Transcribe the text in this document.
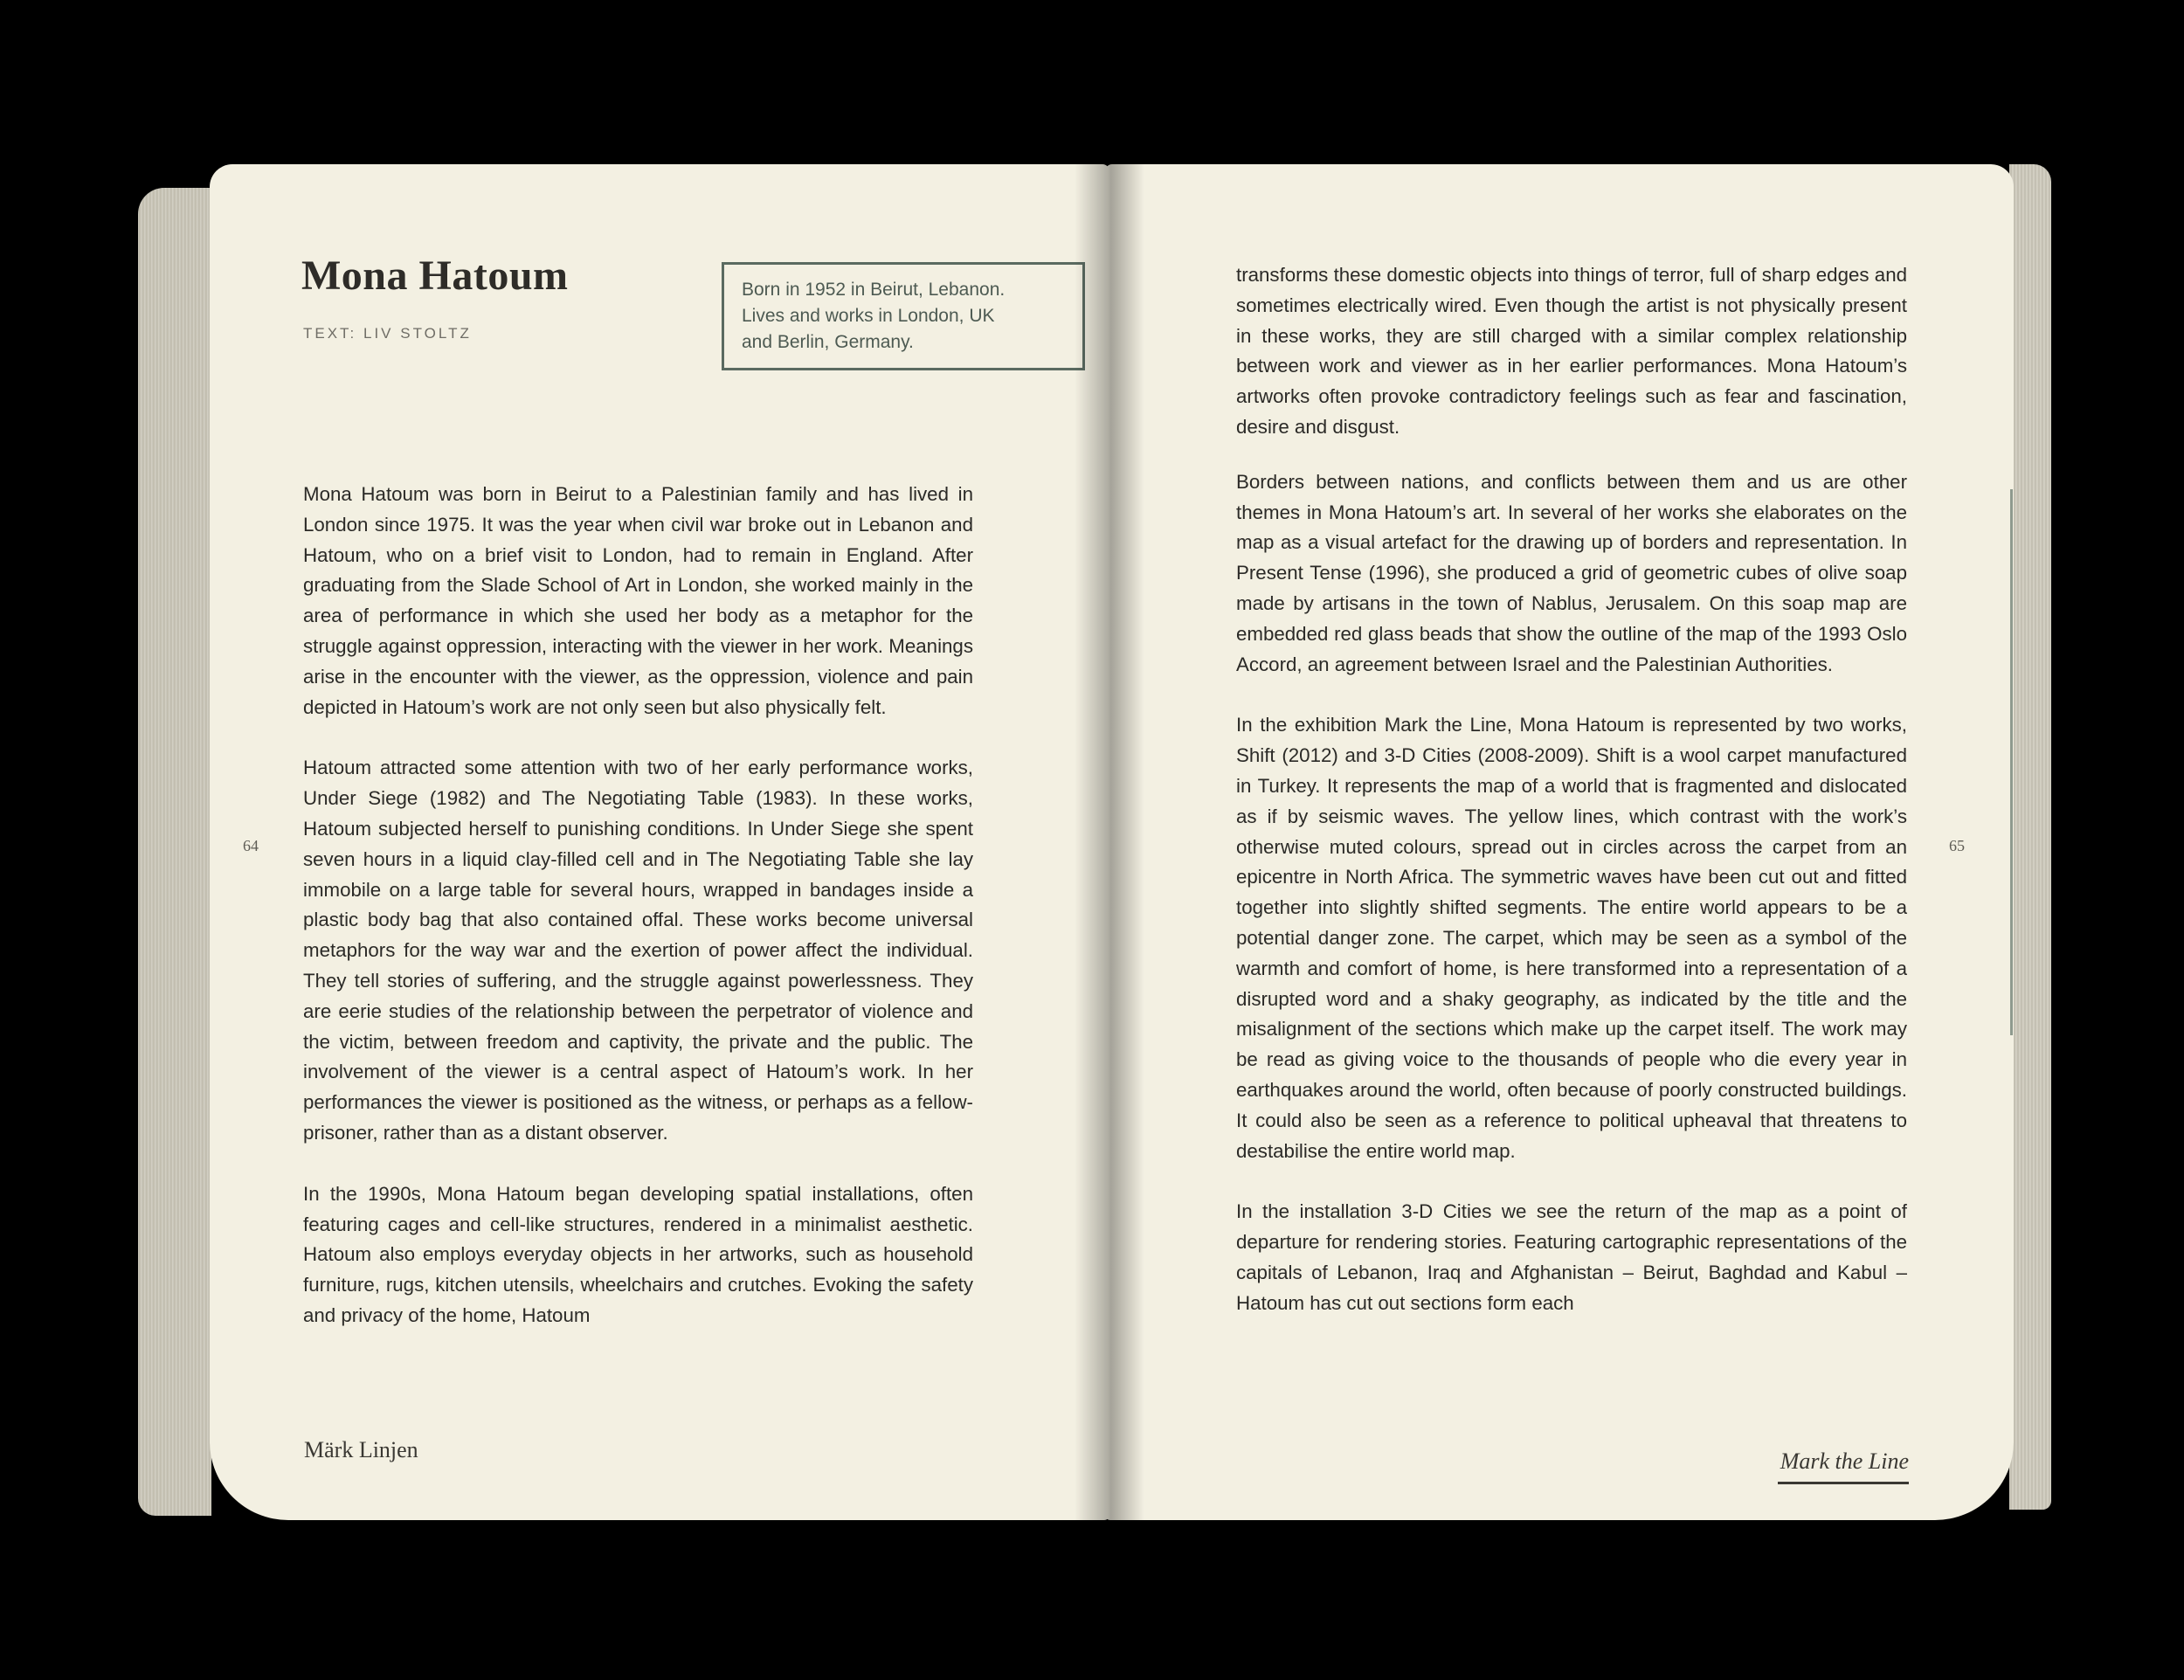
Mona Hatoum
TEXT: LIV STOLTZ
Born in 1952 in Beirut, Lebanon.
Lives and works in London, UK
and Berlin, Germany.

Mona Hatoum was born in Beirut to a Palestinian family and has lived in London since 1975. It was the year when civil war broke out in Lebanon and Hatoum, who on a brief visit to London, had to remain in England. After graduating from the Slade School of Art in London, she worked mainly in the area of performance in which she used her body as a metaphor for the struggle against oppression, interacting with the viewer in her work. Meanings arise in the encounter with the viewer, as the oppression, violence and pain depicted in Hatoum’s work are not only seen but also physically felt.

Hatoum attracted some attention with two of her early performance works, Under Siege (1982) and The Negotiating Table (1983). In these works, Hatoum subjected herself to punishing conditions. In Under Siege she spent seven hours in a liquid clay-filled cell and in The Negotiating Table she lay immobile on a large table for several hours, wrapped in bandages inside a plastic body bag that also contained offal. These works become universal metaphors for the way war and the exertion of power affect the individual. They tell stories of suffering, and the struggle against powerlessness. They are eerie studies of the relationship between the perpetrator of violence and the victim, between freedom and captivity, the private and the public. The involvement of the viewer is a central aspect of Hatoum’s work. In her performances the viewer is positioned as the witness, or perhaps as a fellow-prisoner, rather than as a distant observer.

In the 1990s, Mona Hatoum began developing spatial installations, often featuring cages and cell-like structures, rendered in a minimalist aesthetic. Hatoum also employs everyday objects in her artworks, such as household furniture, rugs, kitchen utensils, wheelchairs and crutches. Evoking the safety and privacy of the home, Hatoum

64
Märk Linjen

transforms these domestic objects into things of terror, full of sharp edges and sometimes electrically wired. Even though the artist is not physically present in these works, they are still charged with a similar complex relationship between work and viewer as in her earlier performances. Mona Hatoum’s artworks often provoke contradictory feelings such as fear and fascination, desire and disgust.

Borders between nations, and conflicts between them and us are other themes in Mona Hatoum’s art. In several of her works she elaborates on the map as a visual artefact for the drawing up of borders and representation. In Present Tense (1996), she produced a grid of geometric cubes of olive soap made by artisans in the town of Nablus, Jerusalem. On this soap map are embedded red glass beads that show the outline of the map of the 1993 Oslo Accord, an agreement between Israel and the Palestinian Authorities.

In the exhibition Mark the Line, Mona Hatoum is represented by two works, Shift (2012) and 3-D Cities (2008-2009). Shift is a wool carpet manufactured in Turkey. It represents the map of a world that is fragmented and dislocated as if by seismic waves. The yellow lines, which contrast with the work’s otherwise muted colours, spread out in circles across the carpet from an epicentre in North Africa. The symmetric waves have been cut out and fitted together into slightly shifted segments. The entire world appears to be a potential danger zone. The carpet, which may be seen as a symbol of the warmth and comfort of home, is here transformed into a representation of a disrupted word and a shaky geography, as indicated by the title and the misalignment of the sections which make up the carpet itself. The work may be read as giving voice to the thousands of people who die every year in earthquakes around the world, often because of poorly constructed buildings. It could also be seen as a reference to political upheaval that threatens to destabilise the entire world map.

In the installation 3-D Cities we see the return of the map as a point of departure for rendering stories. Featuring cartographic representations of the capitals of Lebanon, Iraq and Afghanistan – Beirut, Baghdad and Kabul – Hatoum has cut out sections form each

65
Mark the Line
